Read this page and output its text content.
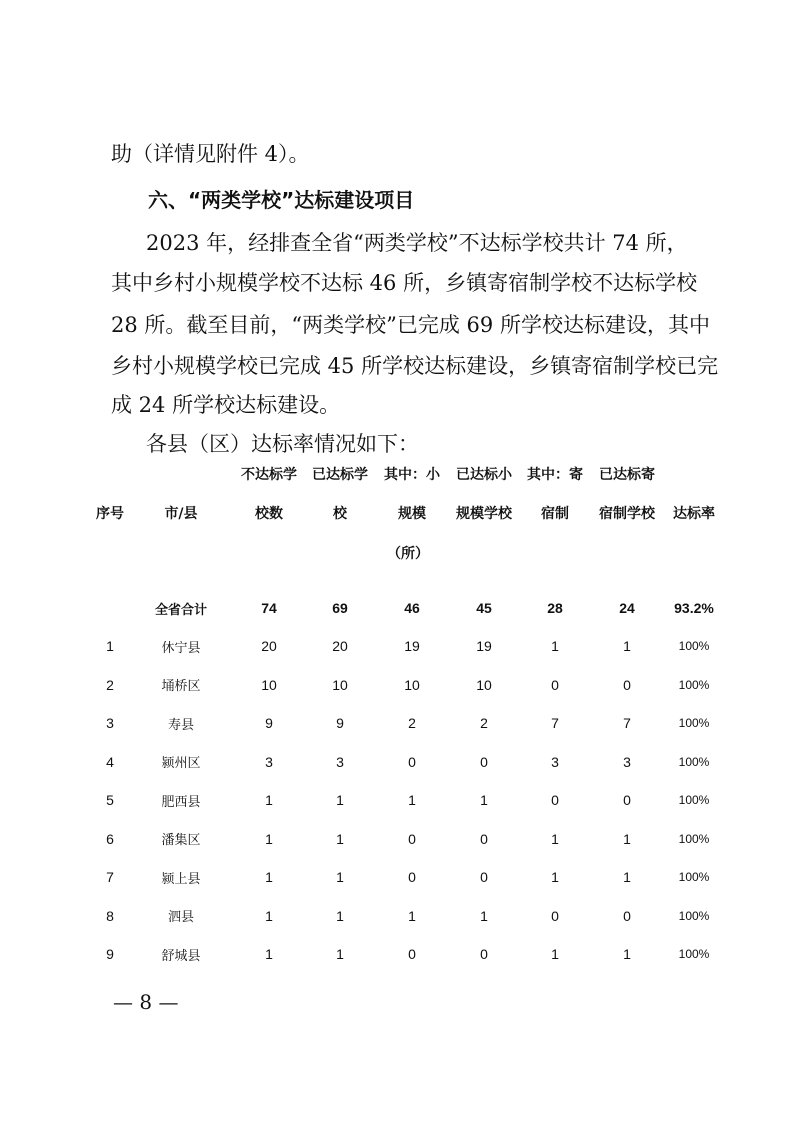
助（详情见附件 4）。
六、“两类学校”达标建设项目
2023 年，经排查全省“两类学校”不达标学校共计 74 所，
其中乡村小规模学校不达标 46 所，乡镇寄宿制学校不达标学校
28 所。截至目前，“两类学校”已完成 69 所学校达标建设，其中
乡村小规模学校已完成 45 所学校达标建设，乡镇寄宿制学校已完
成 24 所学校达标建设。
各县（区）达标率情况如下：
		不达标学	已达标学	其中：小	已达标小	其中：寄	已达标寄	
序号	市/县	校数	校	规模	规模学校	宿制	宿制学校	达标率
（所）								

	全省合计	74	69	46	45	28	24	93.2%
1	休宁县	20	20	19	19	1	1	100%
2	埇桥区	10	10	10	10	0	0	100%
3	寿县	9	9	2	2	7	7	100%
4	颍州区	3	3	0	0	3	3	100%
5	肥西县	1	1	1	1	0	0	100%
6	潘集区	1	1	0	0	1	1	100%
7	颍上县	1	1	0	0	1	1	100%
8	泗县	1	1	1	1	0	0	100%
9	舒城县	1	1	0	0	1	1	100%
— 8 —
